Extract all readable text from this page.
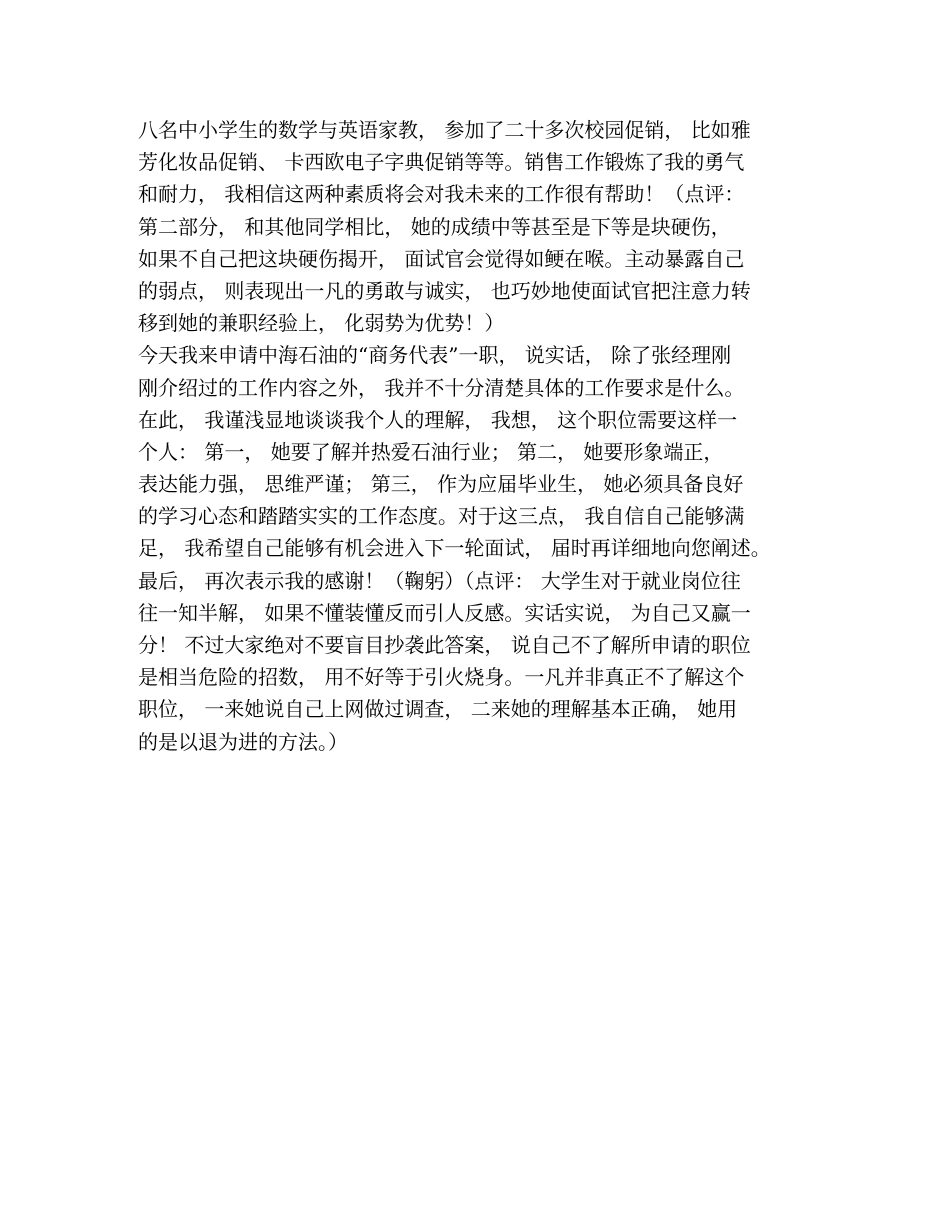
八名中小学生的数学与英语家教， 参加了二十多次校园促销， 比如雅
芳化妆品促销、 卡西欧电子字典促销等等。销售工作锻炼了我的勇气
和耐力， 我相信这两种素质将会对我未来的工作很有帮助！（点评：
第二部分， 和其他同学相比， 她的成绩中等甚至是下等是块硬伤，
如果不自己把这块硬伤揭开， 面试官会觉得如鲠在喉。主动暴露自己
的弱点， 则表现出一凡的勇敢与诚实， 也巧妙地使面试官把注意力转
移到她的兼职经验上， 化弱势为优势！）
今天我来申请中海石油的“商务代表”一职， 说实话， 除了张经理刚
刚介绍过的工作内容之外， 我并不十分清楚具体的工作要求是什么。
在此， 我谨浅显地谈谈我个人的理解， 我想， 这个职位需要这样一
个人： 第一， 她要了解并热爱石油行业； 第二， 她要形象端正，
表达能力强， 思维严谨； 第三， 作为应届毕业生， 她必须具备良好
的学习心态和踏踏实实的工作态度。对于这三点， 我自信自己能够满
足， 我希望自己能够有机会进入下一轮面试， 届时再详细地向您阐述。
最后， 再次表示我的感谢！（鞠躬）（点评： 大学生对于就业岗位往
往一知半解， 如果不懂装懂反而引人反感。实话实说， 为自己又赢一
分！ 不过大家绝对不要盲目抄袭此答案， 说自己不了解所申请的职位
是相当危险的招数， 用不好等于引火烧身。一凡并非真正不了解这个
职位， 一来她说自己上网做过调查， 二来她的理解基本正确， 她用
的是以退为进的方法。）
